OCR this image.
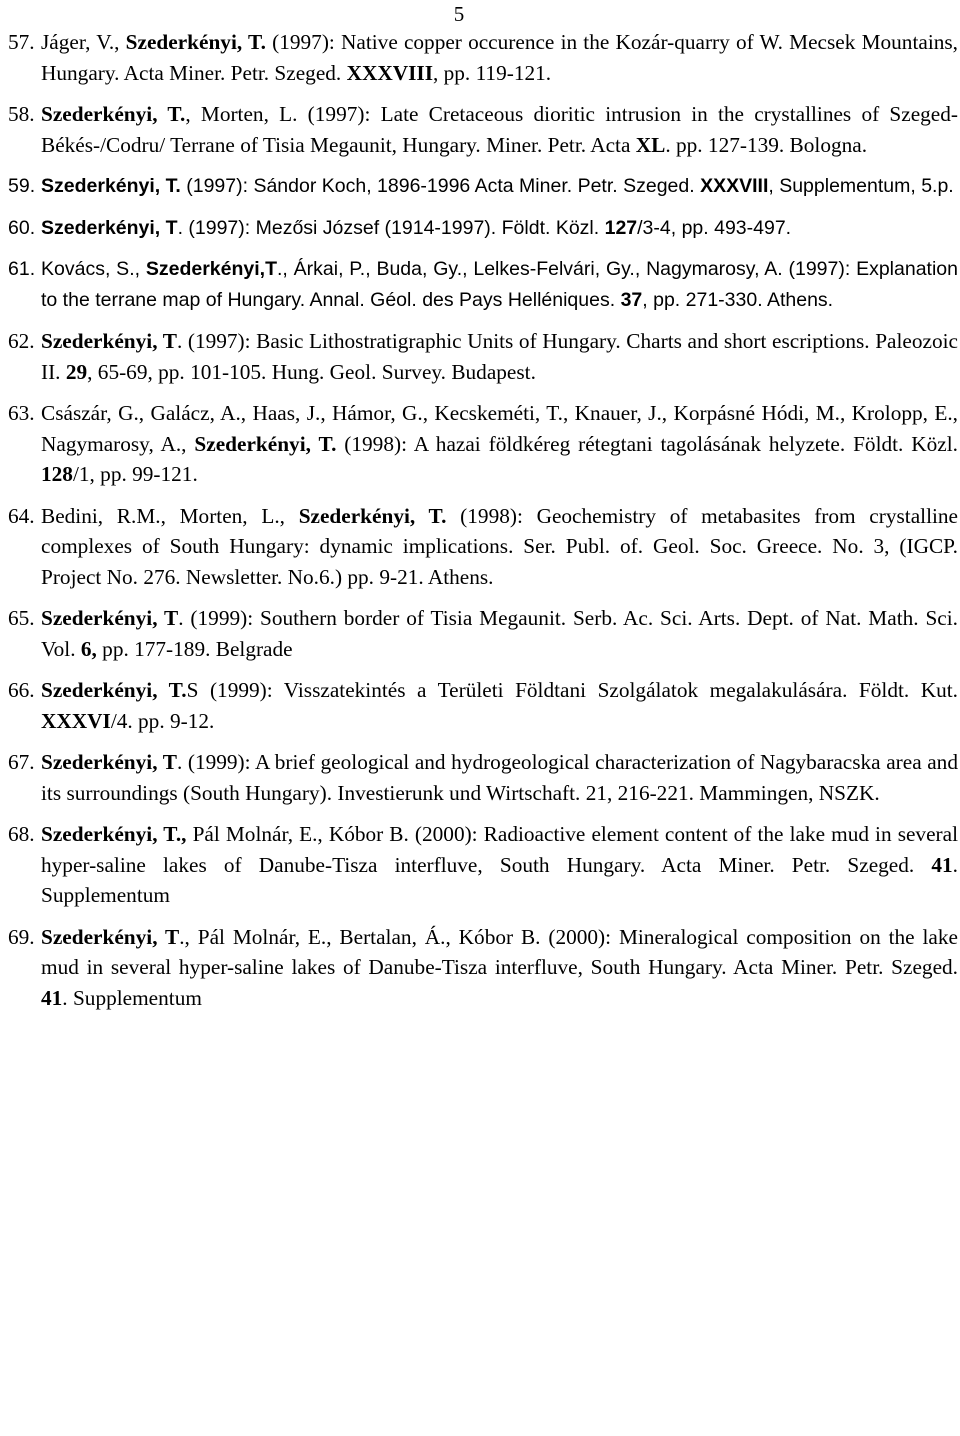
5
57. Jáger, V., Szederkényi, T. (1997): Native copper occurence in the Kozár-quarry of W. Mecsek Mountains, Hungary. Acta Miner. Petr. Szeged. XXXVIII, pp. 119-121.
58. Szederkényi, T., Morten, L. (1997): Late Cretaceous dioritic intrusion in the crystallines of Szeged-Békés-/Codru/ Terrane of Tisia Megaunit, Hungary. Miner. Petr. Acta XL. pp. 127-139. Bologna.
59. Szederkényi, T. (1997): Sándor Koch, 1896-1996 Acta Miner. Petr. Szeged. XXXVIII, Supplementum, 5.p.
60. Szederkényi, T. (1997): Mezősi József (1914-1997). Földt. Közl. 127/3-4, pp. 493-497.
61. Kovács, S., Szederkényi,T., Árkai, P., Buda, Gy., Lelkes-Felvári, Gy., Nagymarosy, A. (1997): Explanation to the terrane map of Hungary. Annal. Géol. des Pays Helléniques. 37, pp. 271-330. Athens.
62. Szederkényi, T. (1997): Basic Lithostratigraphic Units of Hungary. Charts and short escriptions. Paleozoic II. 29, 65-69, pp. 101-105. Hung. Geol. Survey. Budapest.
63. Császár, G., Galácz, A., Haas, J., Hámor, G., Kecskeméti, T., Knauer, J., Korpásné Hódi, M., Krolopp, E., Nagymarosy, A., Szederkényi, T. (1998): A hazai földkéreg rétegtani tagolásának helyzete. Földt. Közl. 128/1, pp. 99-121.
64. Bedini, R.M., Morten, L., Szederkényi, T. (1998): Geochemistry of metabasites from crystalline complexes of South Hungary: dynamic implications. Ser. Publ. of. Geol. Soc. Greece. No. 3, (IGCP. Project No. 276. Newsletter. No.6.) pp. 9-21. Athens.
65. Szederkényi, T. (1999): Southern border of Tisia Megaunit. Serb. Ac. Sci. Arts. Dept. of Nat. Math. Sci. Vol. 6, pp. 177-189. Belgrade
66. Szederkényi, T.S (1999): Visszatekintés a Területi Földtani Szolgálatok megalakulására. Földt. Kut. XXXVI/4. pp. 9-12.
67. Szederkényi, T. (1999): A brief geological and hydrogeological characterization of Nagybaracska area and its surroundings (South Hungary). Investierunk und Wirtschaft. 21, 216-221. Mammingen, NSZK.
68. Szederkényi, T., Pál Molnár, E., Kóbor B. (2000): Radioactive element content of the lake mud in several hyper-saline lakes of Danube-Tisza interfluve, South Hungary. Acta Miner. Petr. Szeged. 41. Supplementum
69. Szederkényi, T., Pál Molnár, E., Bertalan, Á., Kóbor B. (2000): Mineralogical composition on the lake mud in several hyper-saline lakes of Danube-Tisza interfluve, South Hungary. Acta Miner. Petr. Szeged. 41. Supplementum
